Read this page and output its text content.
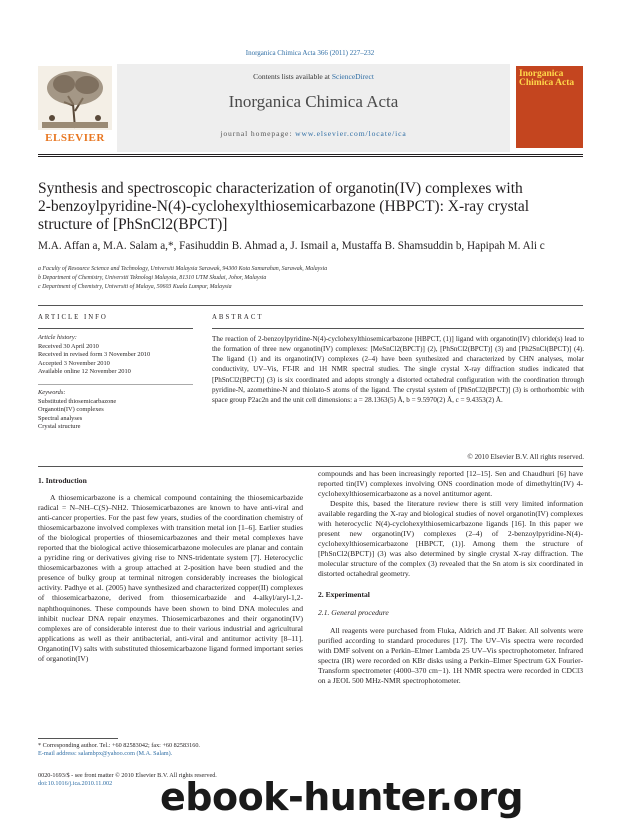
Inorganica Chimica Acta 366 (2011) 227–232
Contents lists available at ScienceDirect
Inorganica Chimica Acta
journal homepage: www.elsevier.com/locate/ica
ELSEVIER
Inorganica Chimica Acta
Synthesis and spectroscopic characterization of organotin(IV) complexes with
2-benzoylpyridine-N(4)-cyclohexylthiosemicarbazone (HBPCT): X-ray crystal
structure of [PhSnCl2(BPCT)]
M.A. Affan a, M.A. Salam a,*, Fasihuddin B. Ahmad a, J. Ismail a, Mustaffa B. Shamsuddin b, Hapipah M. Ali c
a Faculty of Resource Science and Technology, Universiti Malaysia Sarawak, 94300 Kota Samarahan, Sarawak, Malaysia
b Department of Chemistry, Universiti Teknologi Malaysia, 81310 UTM Skudai, Johor, Malaysia
c Department of Chemistry, Universiti of Malaya, 50603 Kuala Lumpur, Malaysia
ARTICLE INFO	ABSTRACT
Article history:
Received 30 April 2010
Received in revised form 3 November 2010
Accepted 3 November 2010
Available online 12 November 2010
Keywords:
Substituted thiosemicarbazone
Organotin(IV) complexes
Spectral analyses
Crystal structure
The reaction of 2-benzoylpyridine-N(4)-cyclohexylthiosemicarbazone [HBPCT, (1)] ligand with organotin(IV) chloride(s) lead to the formation of three new organotin(IV) complexes: [MeSnCl2(BPCT)] (2), [PhSnCl2(BPCT)] (3) and [Ph2SnCl(BPCT)] (4). The ligand (1) and its organotin(IV) complexes (2–4) have been synthesized and characterized by CHN analyses, molar conductivity, UV–Vis, FT-IR and 1H NMR spectral studies. The single crystal X-ray diffraction studies indicated that [PhSnCl2(BPCT)] (3) is six coordinated and adopts strongly a distorted octahedral configuration with the coordination through pyridine-N, azomethine-N and thiolato-S atoms of the ligand. The crystal system of [PhSnCl2(BPCT)] (3) is orthorhombic with space group P2ac2n and the unit cell dimensions: a = 28.1363(5) Å, b = 9.5970(2) Å, c = 9.4353(2) Å.
© 2010 Elsevier B.V. All rights reserved.
1. Introduction

A thiosemicarbazone is a chemical compound containing the thiosemicarbazide radical = N–NH–C(S)–NH2. Thiosemicarbazones are known to have anti-viral and anti-cancer properties. For the past few years, studies of the coordination chemistry of thiosemicarbazone involved complexes with transition metal ion [1–6]. Earlier studies of the biological properties of thiosemicarbazones and their metal complexes have reported that the biological active thiosemicarbazone molecules are planar and contain a pyridine ring or derivatives giving rise to NNS-tridentate system [7]. Heterocyclic thiosemicarbazones with a group attached at 2-position have been studied and the presence of bulky group at terminal nitrogen considerably increases the biological activity. Padhye et al. (2005) have synthesized and characterized copper(II) complexes of thiosemicarbazone, derived from thiosemicarbazide and 4-alkyl/aryl-1,2-naphthoquinones. These compounds have been shown to bind DNA molecules and inhibit nuclear DNA repair enzymes. Thiosemicarbazones and their organotin(IV) complexes are of considerable interest due to their various industrial and agricultural applications as well as their antibacterial, anti-viral and antitumor activity [8–11]. Organotin(IV) salts with substituted thiosemicarbazone ligand formed important series of organotin(IV)

compounds and has been increasingly reported [12–15]. Sen and Chaudhuri [6] have reported tin(IV) complexes involving ONS coordination mode of dimethyltin(IV) 4-cyclohexylthiosemicarbazone as a novel antitumor agent.

Despite this, based the literature review there is still very limited information available regarding the X-ray and biological studies of novel organotin(IV) complexes with heterocyclic N(4)-cyclohexylthiosemicarbazone ligands [16]. In this paper we present new organotin(IV) complexes (2–4) of 2-benzoylpyridine-N(4)-cyclohexylthiosemicarbazone [HBPCT, (1)]. Among them the structure of [PhSnCl2(BPCT)] (3) was also determined by single crystal X-ray diffraction. The molecular structure of the complex (3) revealed that the Sn atom is six coordinated in distorted octahedral geometry.

2. Experimental

2.1. General procedure

All reagents were purchased from Fluka, Aldrich and JT Baker. All solvents were purified according to standard procedures [17]. The UV–Vis spectra were recorded with DMF solvent on a Perkin–Elmer Lambda 25 UV–Vis spectrophotometer. Infrared spectra (IR) were recorded on KBr disks using a Perkin–Elmer Spectrum GX Fourier-Transform spectrometer (4000–370 cm−1). 1H NMR spectra were recorded in CDCl3 on a JEOL 500 MHz-NMR spectrophotometer.

* Corresponding author. Tel.: +60 82583042; fax: +60 82583160.
E-mail address: salambpx@yahoo.com (M.A. Salam).
0020-1693/$ - see front matter © 2010 Elsevier B.V. All rights reserved.
doi:10.1016/j.ica.2010.11.002	ebook-hunter.org
